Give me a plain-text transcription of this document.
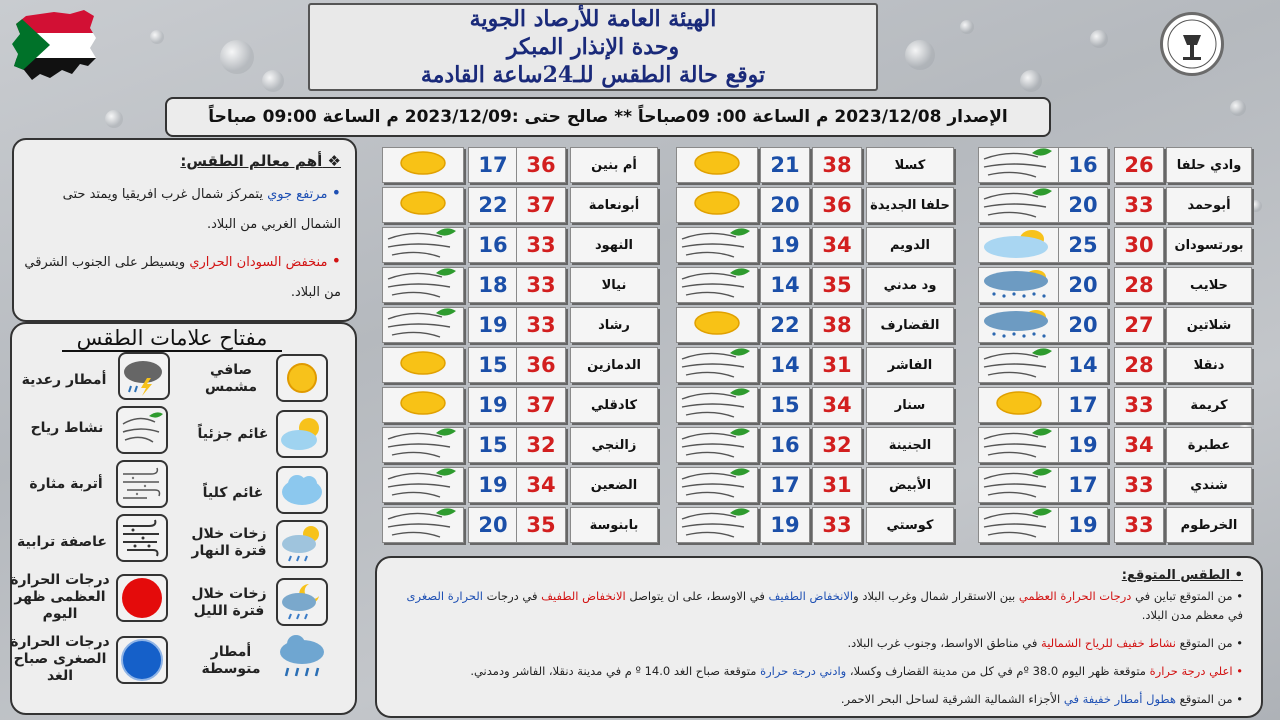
الهيئة العامة للأرصاد الجوية
وحدة الإنذار المبكر
توقع حالة الطقس للـ24ساعة القادمة
الإصدار 2023/12/08 م الساعة 00: 09صباحاً ** صالح حتى :2023/12/09 م الساعة 09:00 صباحاً
❖ أهم معالم الطقس:
• مرتفع جوي يتمركز شمال غرب افريقيا ويمتد حتى الشمال الغربي من البلاد.
• منخفض السودان الحراري ويسيطر على الجنوب الشرقي من البلاد.
مفتاح علامات الطقس
صافي مشمس
غائم جزئياً
غائم كلياً
زخات خلال فترة النهار
زخات خلال فترة الليل
أمطار متوسطة
أمطار رعدية
نشاط رياح
أتربة مثارة
عاصفة ترابية
درجات الحرارة العظمى ظهر اليوم
درجات الحرارة الصغرى صباح الغد
16 26 وادي حلفا
20 33	أبوحمد
25 30 بورتسودان
20 28	حلايب
20 27	شلاتين
14 28	دنقلا
17 33	كريمة
19 34	عطبرة
17 33	شندي
19 33 الخرطوم
21 38	كسلا
20 36 حلفا الجديدة
19 34	الدويم
14 35 ود مدني
22 38 القضارف
14 31	الفاشر
15 34	سنار
16 32	الجنينة
17 31	الأبيض
19 33	كوستي
17 36	أم بنين
22 37	أبونعامة
16 33	النهود
18 33	نيالا
19 33	رشاد
15 36 الدمازين
19 37	كادقلي
15 32	زالنجي
19 34	الضعين
20 35	بابنوسة
• الطقس المتوقع:

• من المتوقع تباين في درجات الحرارة العظمي بين الاستقرار شمال وغرب البلاد والانخفاض الطفيف في الاوسط، على ان يتواصل الانخفاض الطفيف في درجات الحرارة الصغرى في معظم مدن البلاد.

• من المتوقع نشاط خفيف للرياح الشمالية في مناطق الاواسط، وجنوب غرب البلاد.

• اعلي درجة حرارة متوقعة ظهر اليوم 38.0 ºم في كل من مدينة القضارف وكسلا، وادني درجة حرارة متوقعة صباح الغد 14.0 º م في مدينة دنقلا، الفاشر ودمدني.

• من المتوقع هطول أمطار خفيفة في الأجزاء الشمالية الشرقية لساحل البحر الاحمر.
